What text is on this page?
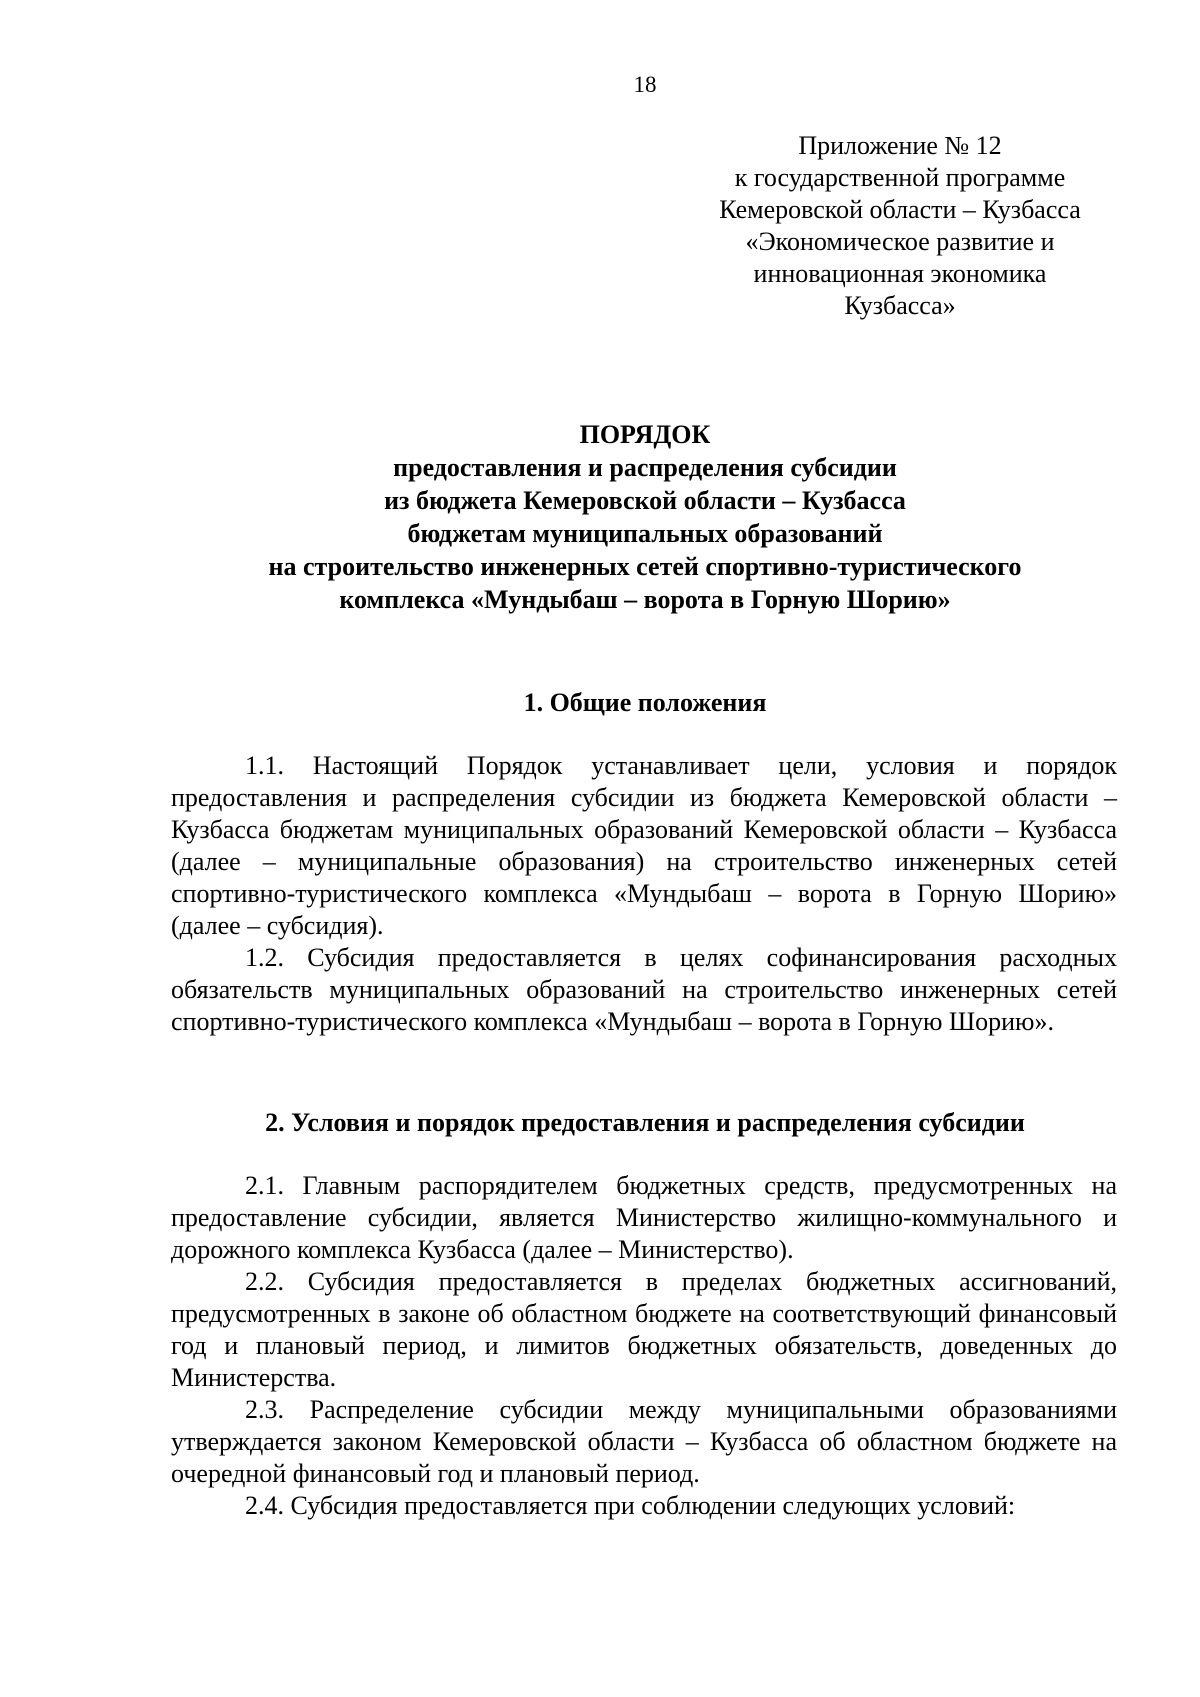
18
Приложение № 12
к государственной программе
Кемеровской области – Кузбасса
«Экономическое развитие и
инновационная экономика
Кузбасса»
ПОРЯДОК
предоставления и распределения субсидии
из бюджета Кемеровской области – Кузбасса
бюджетам муниципальных образований
на строительство инженерных сетей спортивно-туристического
комплекса «Мундыбаш – ворота в Горную Шорию»
1. Общие положения

1.1. Настоящий Порядок устанавливает цели, условия и порядок предоставления и распределения субсидии из бюджета Кемеровской области – Кузбасса бюджетам муниципальных образований Кемеровской области – Кузбасса (далее – муниципальные образования) на строительство инженерных сетей спортивно-туристического комплекса «Мундыбаш – ворота в Горную Шорию» (далее – субсидия).

1.2. Субсидия предоставляется в целях софинансирования расходных обязательств муниципальных образований на строительство инженерных сетей спортивно-туристического комплекса «Мундыбаш – ворота в Горную Шорию».

2. Условия и порядок предоставления и распределения субсидии

2.1. Главным распорядителем бюджетных средств, предусмотренных на предоставление субсидии, является Министерство жилищно-коммунального и дорожного комплекса Кузбасса (далее – Министерство).

2.2. Субсидия предоставляется в пределах бюджетных ассигнований, предусмотренных в законе об областном бюджете на соответствующий финансовый год и плановый период, и лимитов бюджетных обязательств, доведенных до Министерства.

2.3. Распределение субсидии между муниципальными образованиями утверждается законом Кемеровской области – Кузбасса об областном бюджете на очередной финансовый год и плановый период.

2.4. Субсидия предоставляется при соблюдении следующих условий:
